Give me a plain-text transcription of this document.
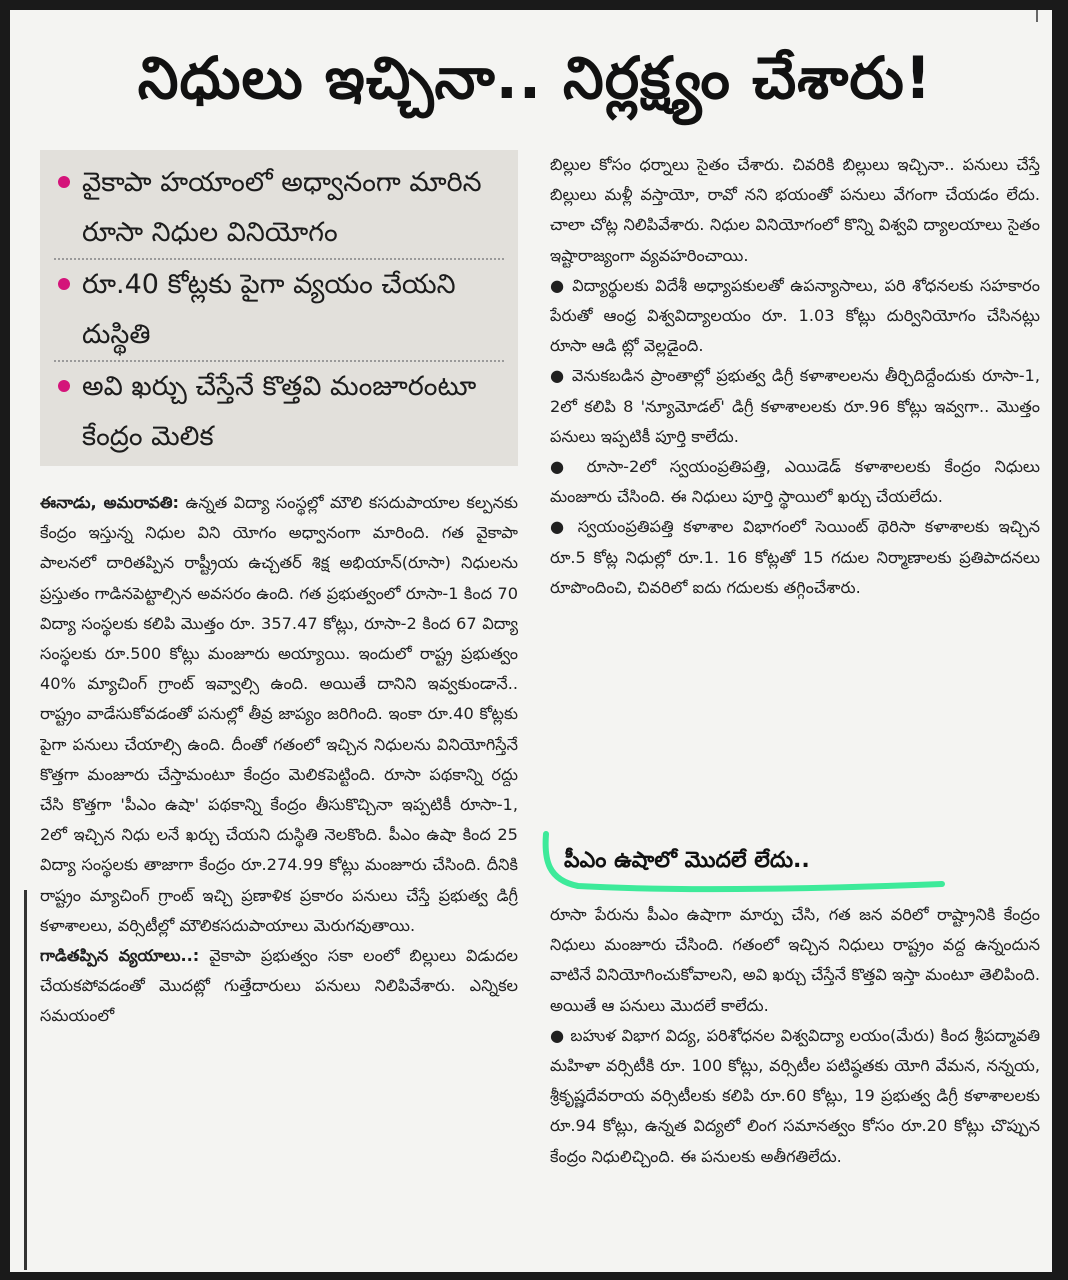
నిధులు ఇచ్చినా.. నిర్లక్ష్యం చేశారు!
వైకాపా హయాంలో అధ్వానంగా మారిన రూసా నిధుల వినియోగం
రూ.40 కోట్లకు పైగా వ్యయం చేయని దుస్థితి
అవి ఖర్చు చేస్తేనే కొత్తవి మంజూరంటూ కేంద్రం మెలిక

ఈనాడు, అమరావతి: ఉన్నత విద్యా సంస్థల్లో మౌలి కసదుపాయాల కల్పనకు కేంద్రం ఇస్తున్న నిధుల విని యోగం అధ్వానంగా మారింది. గత వైకాపా పాలనలో దారితప్పిన రాష్ట్రీయ ఉచ్చతర్ శిక్ష అభియాన్(రూసా) నిధులను ప్రస్తుతం గాడినపెట్టాల్సిన అవసరం ఉంది. గత ప్రభుత్వంలో రూసా-1 కింద 70 విద్యా సంస్థలకు కలిపి మొత్తం రూ. 357.47 కోట్లు, రూసా-2 కింద 67 విద్యా సంస్థలకు రూ.500 కోట్లు మంజూరు అయ్యాయి. ఇందులో రాష్ట్ర ప్రభుత్వం 40% మ్యాచింగ్ గ్రాంట్ ఇవ్వాల్సి ఉంది. అయితే దానిని ఇవ్వకుండానే.. రాష్ట్రం వాడేసుకోవడంతో పనుల్లో తీవ్ర జాప్యం జరిగింది. ఇంకా రూ.40 కోట్లకు పైగా పనులు చేయాల్సి ఉంది. దీంతో గతంలో ఇచ్చిన నిధులను వినియోగిస్తేనే కొత్తగా మంజూరు చేస్తామంటూ కేంద్రం మెలికపెట్టింది. రూసా పథకాన్ని రద్దు చేసి కొత్తగా 'పీఎం ఉషా' పథకాన్ని కేంద్రం తీసుకొచ్చినా ఇప్పటికీ రూసా-1, 2లో ఇచ్చిన నిధు లనే ఖర్చు చేయని దుస్థితి నెలకొంది. పీఎం ఉషా కింద 25 విద్యా సంస్థలకు తాజాగా కేంద్రం రూ.274.99 కోట్లు మంజూరు చేసింది. దీనికి రాష్ట్రం మ్యాచింగ్ గ్రాంట్ ఇచ్చి ప్రణాళిక ప్రకారం పనులు చేస్తే ప్రభుత్వ డిగ్రీ కళాశాలలు, వర్సిటీల్లో మౌలికసదుపాయాలు మెరుగవుతాయి.

గాడితప్పిన వ్యయాలు..: వైకాపా ప్రభుత్వం సకా లంలో బిల్లులు విడుదల చేయకపోవడంతో మొదట్లో గుత్తేదారులు పనులు నిలిపివేశారు. ఎన్నికల సమయంలో

బిల్లుల కోసం ధర్నాలు సైతం చేశారు. చివరికి బిల్లులు ఇచ్చినా.. పనులు చేస్తే బిల్లులు మళ్లీ వస్తాయో, రావో నని భయంతో పనులు వేగంగా చేయడం లేదు. చాలా చోట్ల నిలిపివేశారు. నిధుల వినియోగంలో కొన్ని విశ్వవి ద్యాలయాలు సైతం ఇష్టారాజ్యంగా వ్యవహరించాయి.

● విద్యార్థులకు విదేశీ అధ్యాపకులతో ఉపన్యాసాలు, పరి శోధనలకు సహకారం పేరుతో ఆంధ్ర విశ్వవిద్యాలయం రూ. 1.03 కోట్లు దుర్వినియోగం చేసినట్లు రూసా ఆడి ట్లో వెల్లడైంది.

● వెనుకబడిన ప్రాంతాల్లో ప్రభుత్వ డిగ్రీ కళాశాలలను తీర్చిదిద్దేందుకు రూసా-1, 2లో కలిపి 8 'న్యూమోడల్' డిగ్రీ కళాశాలలకు రూ.96 కోట్లు ఇవ్వగా.. మొత్తం పనులు ఇప్పటికీ పూర్తి కాలేదు.

● రూసా-2లో స్వయంప్రతిపత్తి, ఎయిడెడ్ కళాశాలలకు కేంద్రం నిధులు మంజూరు చేసింది. ఈ నిధులు పూర్తి స్థాయిలో ఖర్చు చేయలేదు.

● స్వయంప్రతిపత్తి కళాశాల విభాగంలో సెయింట్ థెరిసా కళాశాలకు ఇచ్చిన రూ.5 కోట్ల నిధుల్లో రూ.1. 16 కోట్లతో 15 గదుల నిర్మాణాలకు ప్రతిపాదనలు రూపొందించి, చివరిలో ఐదు గదులకు తగ్గించేశారు.

పీఎం ఉషాలో మొదలే లేదు..

రూసా పేరును పీఎం ఉషాగా మార్పు చేసి, గత జన వరిలో రాష్ట్రానికి కేంద్రం నిధులు మంజూరు చేసింది. గతంలో ఇచ్చిన నిధులు రాష్ట్రం వద్ద ఉన్నందున వాటినే వినియోగించుకోవాలని, అవి ఖర్చు చేస్తేనే కొత్తవి ఇస్తా మంటూ తెలిపింది. అయితే ఆ పనులు మొదలే కాలేదు.

● బహుళ విభాగ విద్య, పరిశోధనల విశ్వవిద్యా లయం(మేరు) కింద శ్రీపద్మావతి మహిళా వర్సిటీకి రూ. 100 కోట్లు, వర్సిటీల పటిష్ఠతకు యోగి వేమన, నన్నయ, శ్రీకృష్ణదేవరాయ వర్సిటీలకు కలిపి రూ.60 కోట్లు, 19 ప్రభుత్వ డిగ్రీ కళాశాలలకు రూ.94 కోట్లు, ఉన్నత విద్యలో లింగ సమానత్వం కోసం రూ.20 కోట్లు చొప్పున కేంద్రం నిధులిచ్చింది. ఈ పనులకు అతీగతిలేదు.
